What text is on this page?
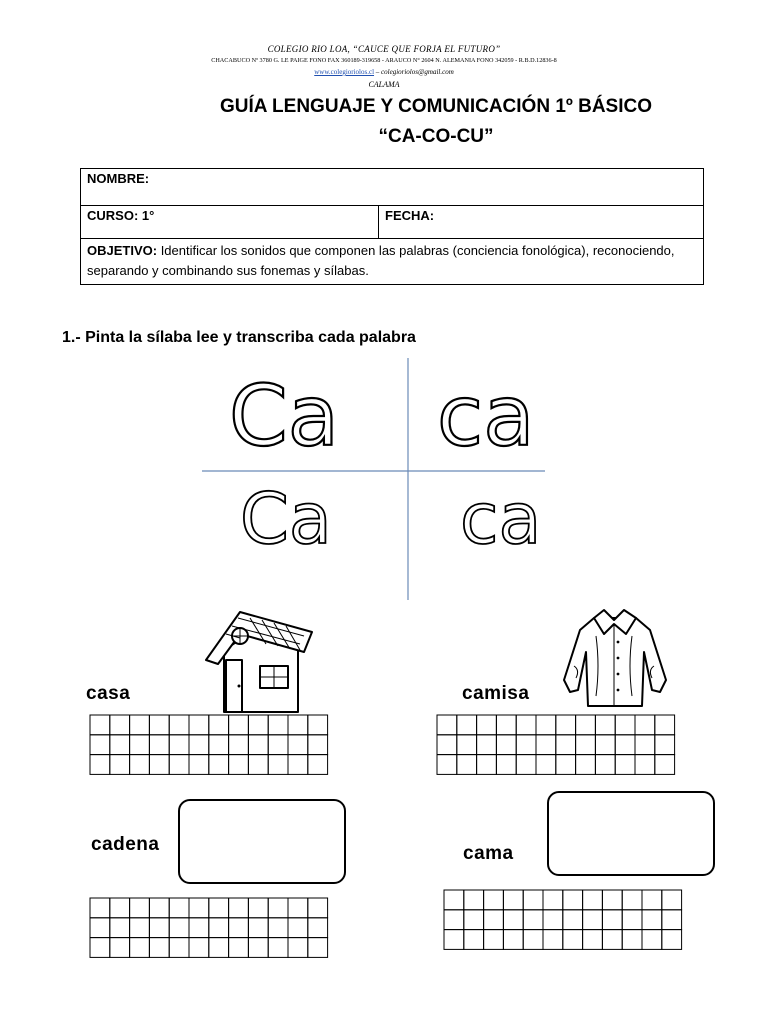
COLEGIO RIO LOA, “CAUCE QUE FORJA EL FUTURO”
CHACABUCO Nº 3780 G. LE PAIGE FONO FAX 360189-319658 - ARAUCO N° 2604 N. ALEMANIA FONO 342059 - R.B.D.12836-8
www.colegioriolos.cl – colegioriolos@gmail.com
CALAMA
GUÍA LENGUAJE Y COMUNICACIÓN 1º BÁSICO
“CA-CO-CU”
NOMBRE:
CURSO: 1°	FECHA:
OBJETIVO: Identificar los sonidos que componen las palabras (conciencia fonológica), reconociendo, separando y combinando sus fonemas y sílabas.
1.- Pinta la sílaba lee y transcriba cada palabra
Ca ca
Ca ca
casa	camisa
cadena	cama
